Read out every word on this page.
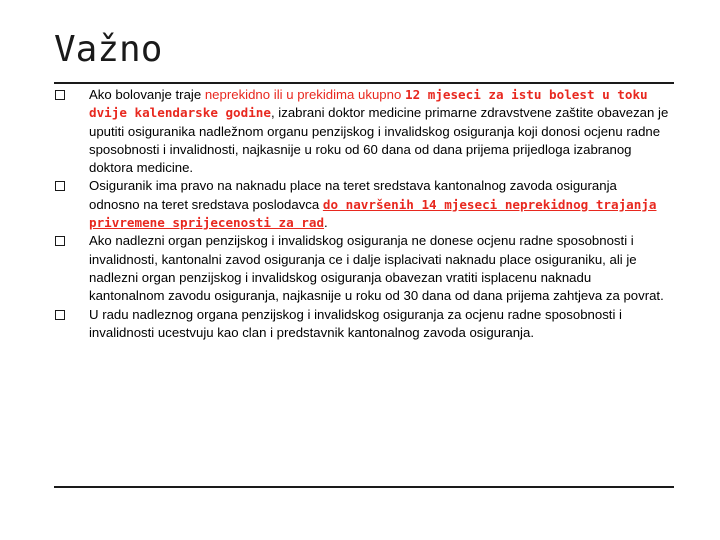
Važno
Ako bolovanje traje neprekidno ili u prekidima ukupno 12 mjeseci za istu bolest u toku dvije kalendarske godine, izabrani doktor medicine primarne zdravstvene zaštite obavezan je uputiti osiguranika nadležnom organu penzijskog i invalidskog osiguranja koji donosi ocjenu radne sposobnosti i invalidnosti, najkasnije u roku od 60 dana od dana prijema prijedloga izabranog doktora medicine.
Osiguranik ima pravo na naknadu place na teret sredstava kantonalnog zavoda osiguranja odnosno na teret sredstava poslodavca do navršenih 14 mjeseci neprekidnog trajanja privremene sprijecenosti za rad.
Ako nadlezni organ penzijskog i invalidskog osiguranja ne donese ocjenu radne sposobnosti i invalidnosti, kantonalni zavod osiguranja ce i dalje isplacivati naknadu place osiguraniku, ali je nadlezni organ penzijskog i invalidskog osiguranja obavezan vratiti isplacenu naknadu kantonalnom zavodu osiguranja, najkasnije u roku od 30 dana od dana prijema zahtjeva za povrat.
U radu nadleznog organa penzijskog i invalidskog osiguranja za ocjenu radne sposobnosti i invalidnosti ucestvuju kao clan i predstavnik kantonalnog zavoda osiguranja.
